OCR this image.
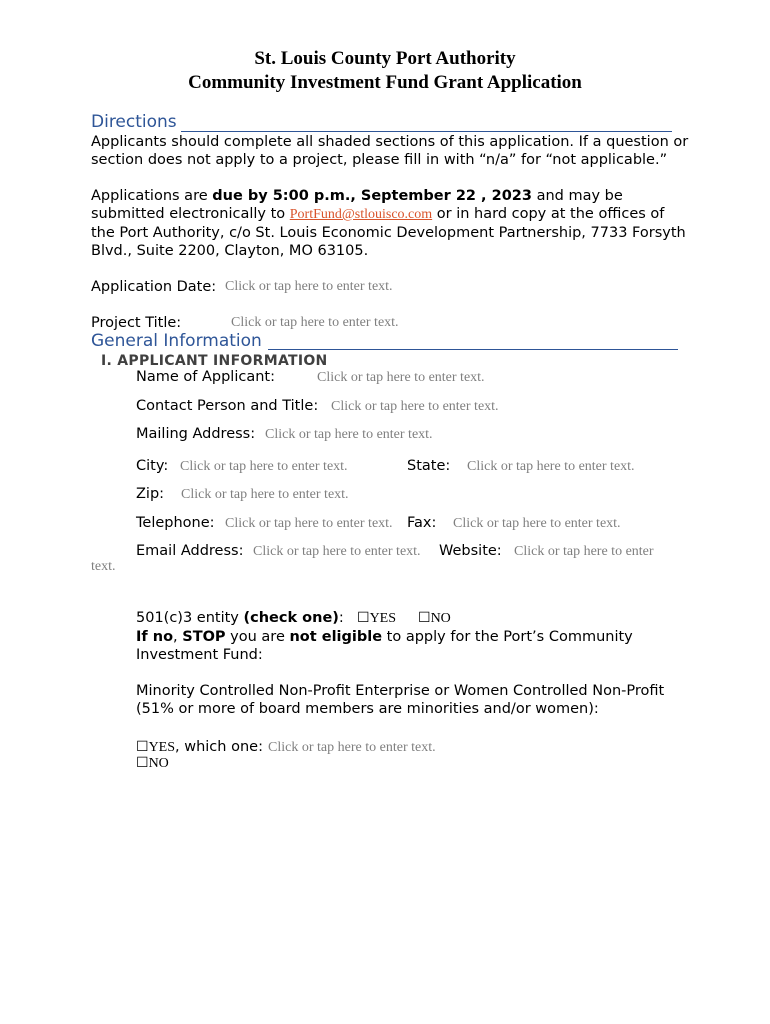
St. Louis County Port Authority
Community Investment Fund Grant Application
Directions
Applicants should complete all shaded sections of this application. If a question or section does not apply to a project, please fill in with “n/a” for “not applicable.”
Applications are due by 5:00 p.m., September 22 , 2023 and may be submitted electronically to PortFund@stlouisco.com or in hard copy at the offices of the Port Authority, c/o St. Louis Economic Development Partnership, 7733 Forsyth Blvd., Suite 2200, Clayton, MO 63105.
Application Date: Click or tap here to enter text.
Project Title:	Click or tap here to enter text.
General Information
I. APPLICANT INFORMATION
Name of Applicant:	Click or tap here to enter text.
Contact Person and Title: Click or tap here to enter text.
Mailing Address: Click or tap here to enter text.
City: Click or tap here to enter text.	State: Click or tap here to enter text.
Zip: Click or tap here to enter text.
Telephone: Click or tap here to enter text. Fax: Click or tap here to enter text.
Email Address: Click or tap here to enter text. Website: Click or tap here to enter
text.
501(c)3 entity (check one): ☐YES ☐NO
If no, STOP you are not eligible to apply for the Port’s Community Investment Fund:
Minority Controlled Non-Profit Enterprise or Women Controlled Non-Profit (51% or more of board members are minorities and/or women):
☐YES, which one: Click or tap here to enter text.
☐NO
